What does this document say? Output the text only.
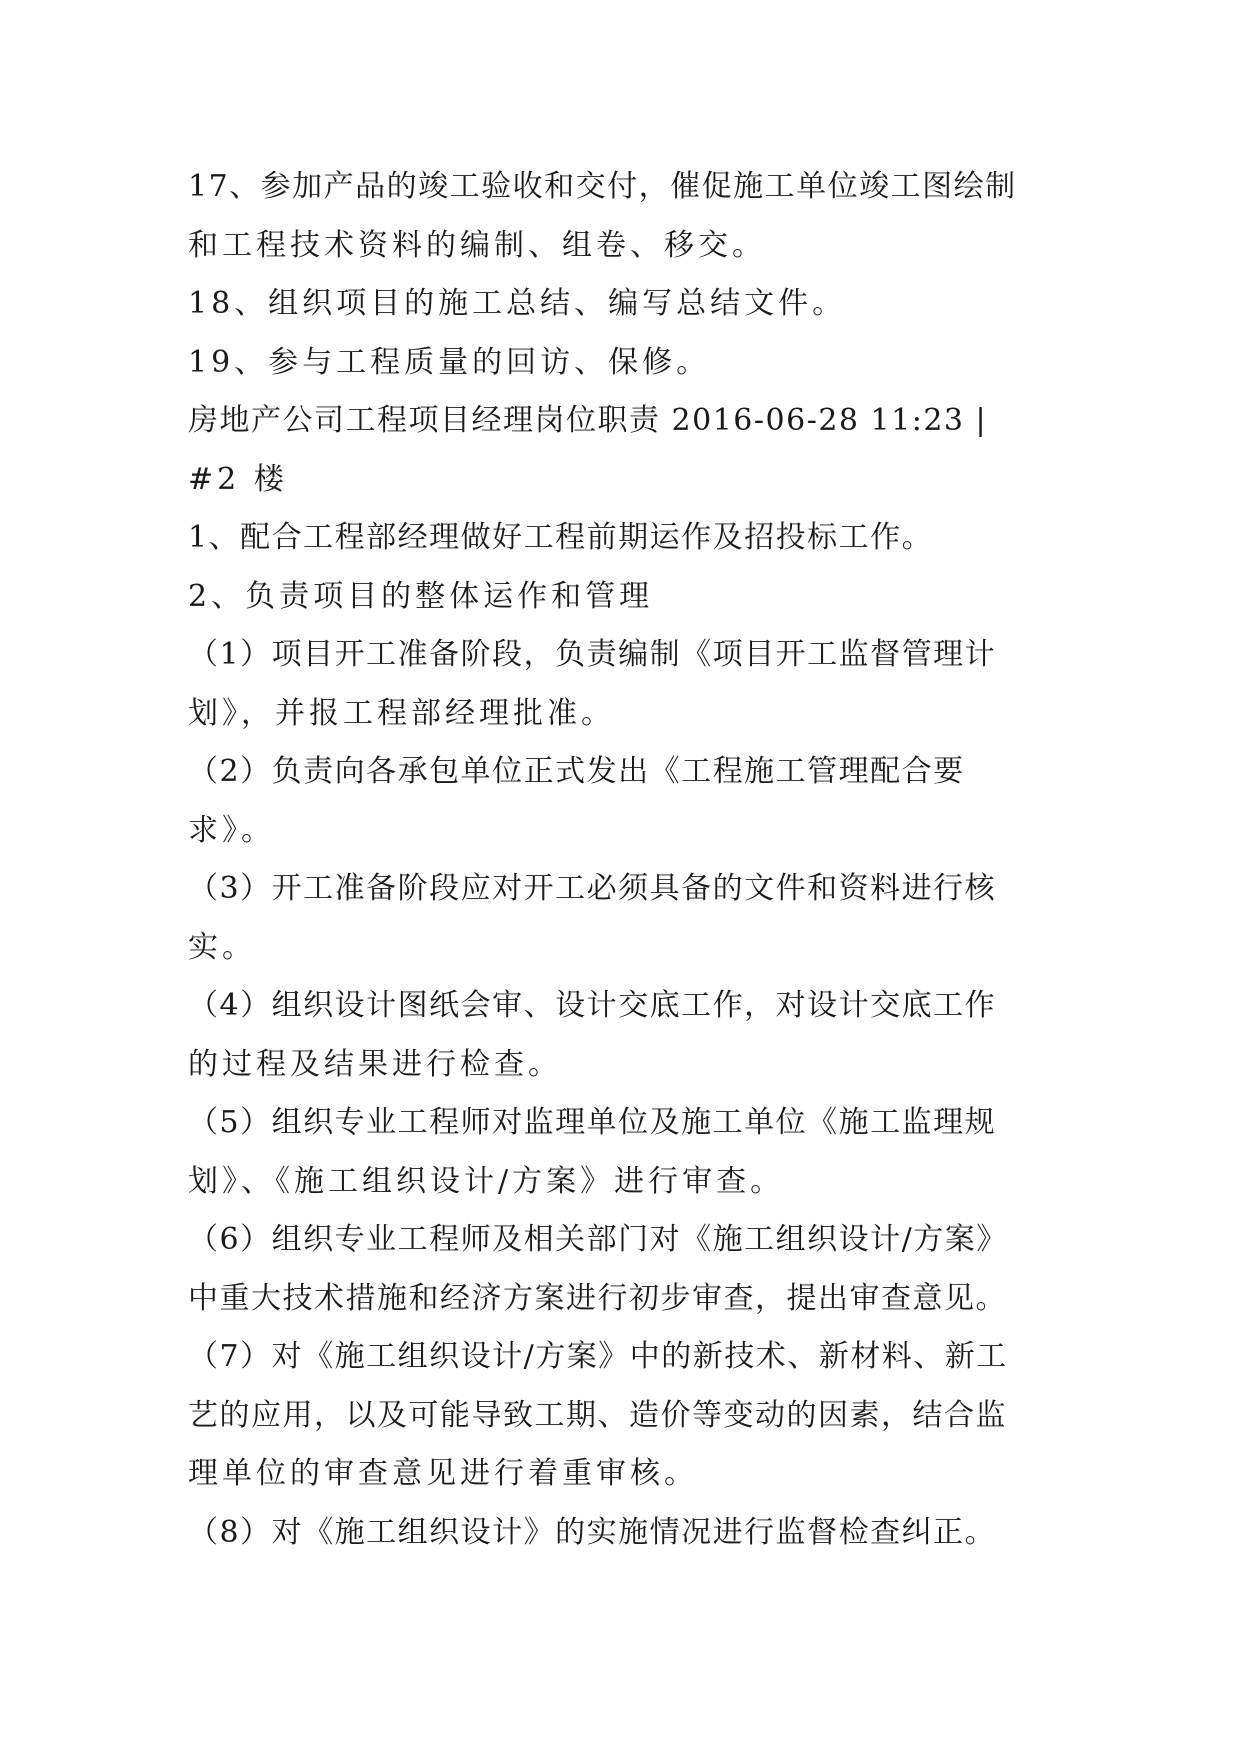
17、参加产品的竣工验收和交付，催促施工单位竣工图绘制
和工程技术资料的编制、组卷、移交。
18、组织项目的施工总结、编写总结文件。
19、参与工程质量的回访、保修。
房地产公司工程项目经理岗位职责 2016-06-28 11:23 |
#2 楼
1、配合工程部经理做好工程前期运作及招投标工作。
2、负责项目的整体运作和管理
（1）项目开工准备阶段，负责编制《项目开工监督管理计
划》，并报工程部经理批准。
（2）负责向各承包单位正式发出《工程施工管理配合要
求》。
（3）开工准备阶段应对开工必须具备的文件和资料进行核
实。
（4）组织设计图纸会审、设计交底工作，对设计交底工作
的过程及结果进行检查。
（5）组织专业工程师对监理单位及施工单位《施工监理规
划》、《施工组织设计/方案》进行审查。
（6）组织专业工程师及相关部门对《施工组织设计/方案》
中重大技术措施和经济方案进行初步审查，提出审查意见。
（7）对《施工组织设计/方案》中的新技术、新材料、新工
艺的应用，以及可能导致工期、造价等变动的因素，结合监
理单位的审查意见进行着重审核。
（8）对《施工组织设计》的实施情况进行监督检查纠正。
